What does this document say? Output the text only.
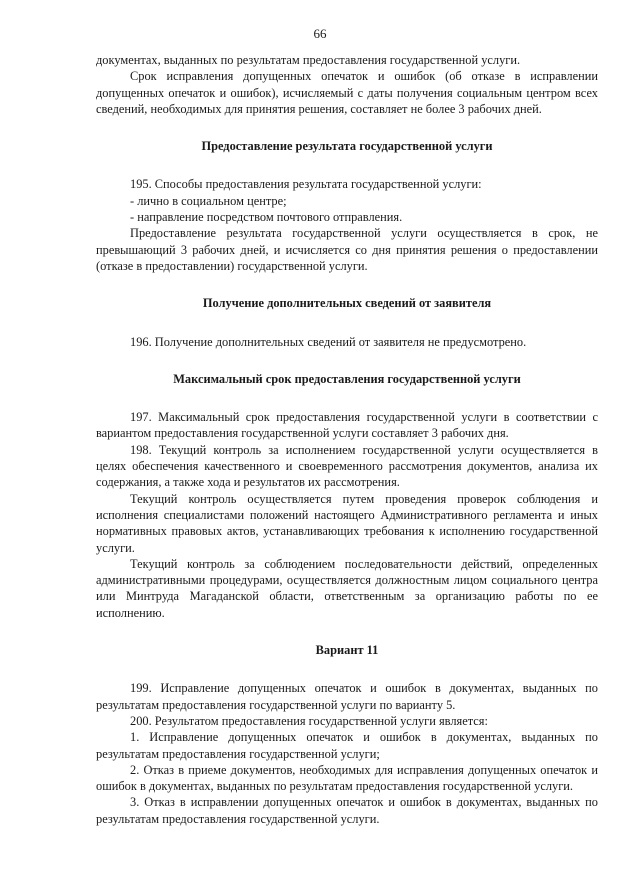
66

документах, выданных по результатам предоставления государственной услуги.

Срок исправления допущенных опечаток и ошибок (об отказе в исправлении допущенных опечаток и ошибок), исчисляемый с даты получения социальным центром всех сведений, необходимых для принятия решения, составляет не более 3 рабочих дней.

Предоставление результата государственной услуги

195. Способы предоставления результата государственной услуги:

- лично в социальном центре;

- направление посредством почтового отправления.

Предоставление результата государственной услуги осуществляется в срок, не превышающий 3 рабочих дней, и исчисляется со дня принятия решения о предоставлении (отказе в предоставлении) государственной услуги.

Получение дополнительных сведений от заявителя

196. Получение дополнительных сведений от заявителя не предусмотрено.

Максимальный срок предоставления государственной услуги

197. Максимальный срок предоставления государственной услуги в соответствии с вариантом предоставления государственной услуги составляет 3 рабочих дня.

198. Текущий контроль за исполнением государственной услуги осуществляется в целях обеспечения качественного и своевременного рассмотрения документов, анализа их содержания, а также хода и результатов их рассмотрения.

Текущий контроль осуществляется путем проведения проверок соблюдения и исполнения специалистами положений настоящего Административного регламента и иных нормативных правовых актов, устанавливающих требования к исполнению государственной услуги.

Текущий контроль за соблюдением последовательности действий, определенных административными процедурами, осуществляется должностным лицом социального центра или Минтруда Магаданской области, ответственным за организацию работы по ее исполнению.

Вариант 11

199. Исправление допущенных опечаток и ошибок в документах, выданных по результатам предоставления государственной услуги по варианту 5.

200. Результатом предоставления государственной услуги является:

1. Исправление допущенных опечаток и ошибок в документах, выданных по результатам предоставления государственной услуги;

2. Отказ в приеме документов, необходимых для исправления допущенных опечаток и ошибок в документах, выданных по результатам предоставления государственной услуги.

3. Отказ в исправлении допущенных опечаток и ошибок в документах, выданных по результатам предоставления государственной услуги.
